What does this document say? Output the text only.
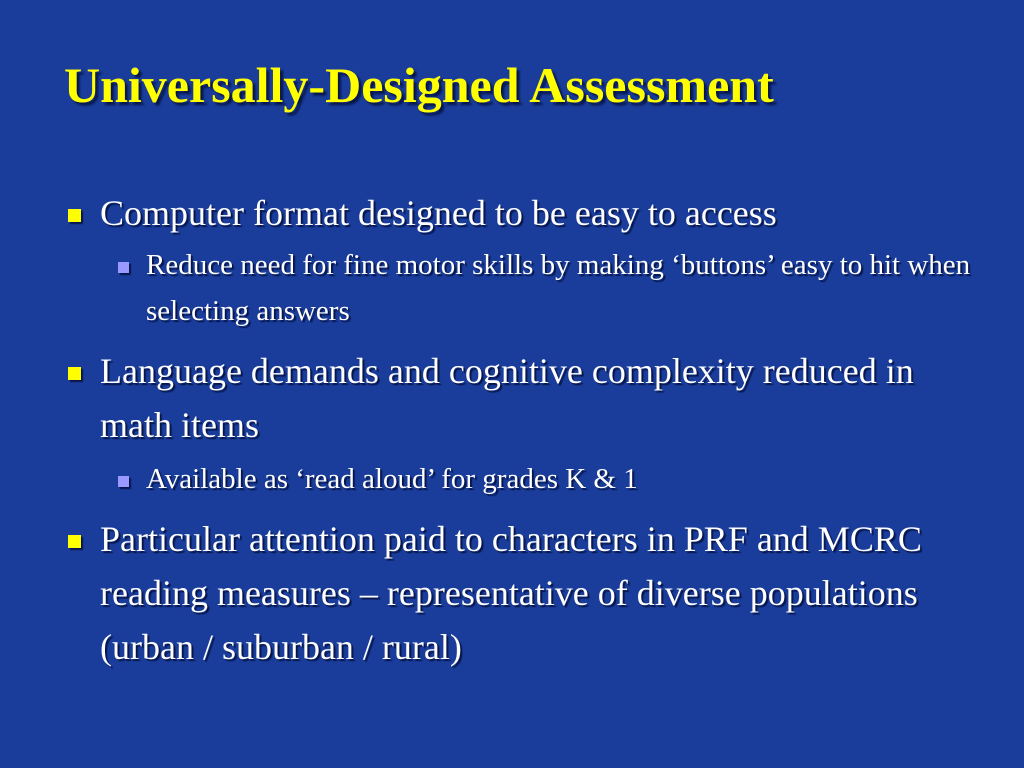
Universally-Designed Assessment
Computer format designed to be easy to access
Reduce need for fine motor skills by making ‘buttons’ easy to hit when selecting answers
Language demands and cognitive complexity reduced in math items
Available as ‘read aloud’ for grades K & 1
Particular attention paid to characters in PRF and MCRC reading measures – representative of diverse populations (urban / suburban / rural)
